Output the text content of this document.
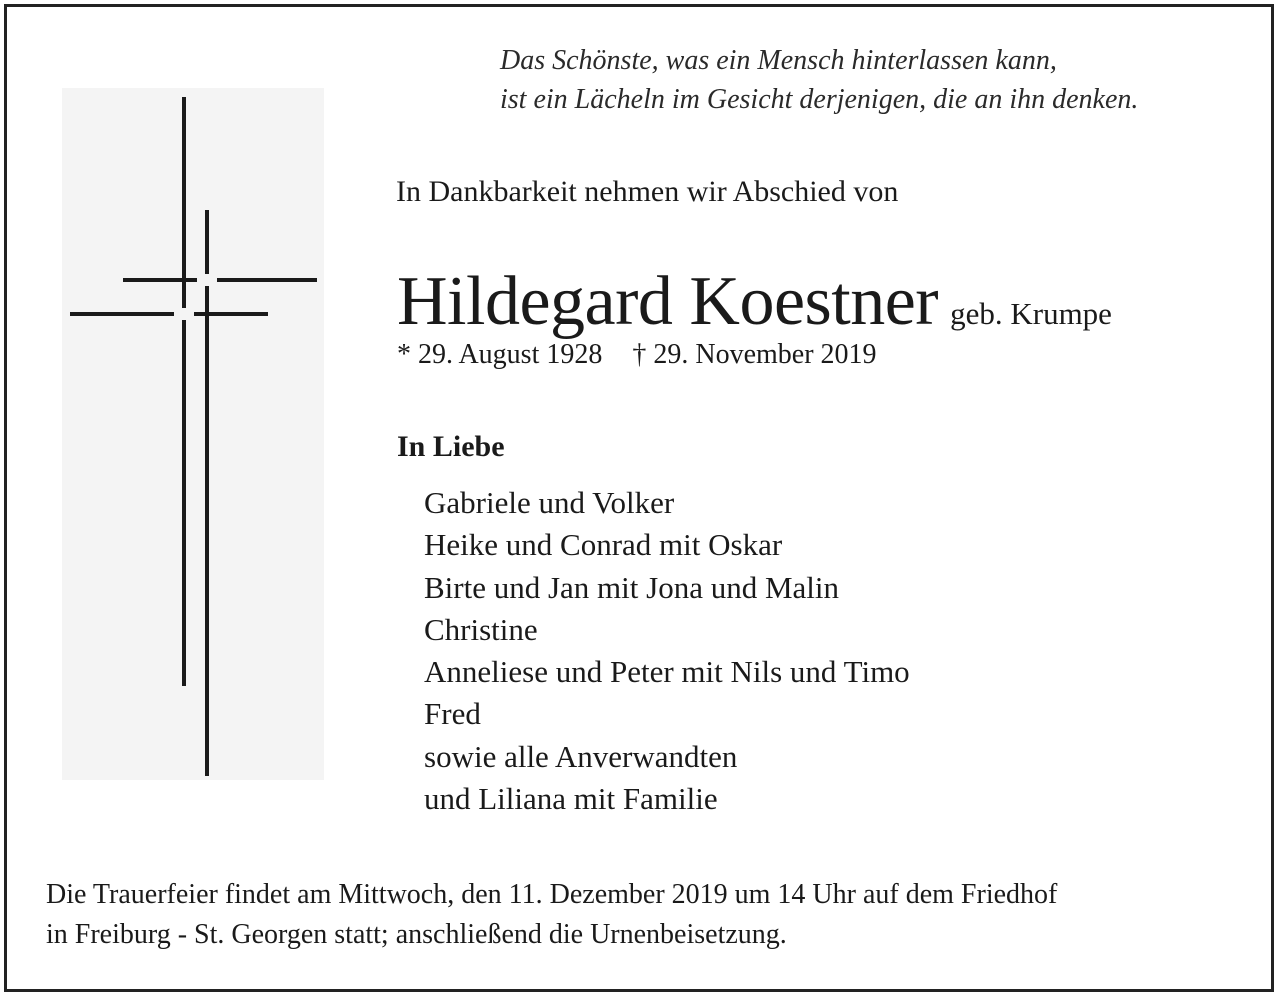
Das Schönste, was ein Mensch hinterlassen kann,
ist ein Lächeln im Gesicht derjenigen, die an ihn denken.
In Dankbarkeit nehmen wir Abschied von
Hildegard Koestner geb. Krumpe
* 29. August 1928 † 29. November 2019
In Liebe
Gabriele und Volker
Heike und Conrad mit Oskar
Birte und Jan mit Jona und Malin
Christine
Anneliese und Peter mit Nils und Timo
Fred
sowie alle Anverwandten
und Liliana mit Familie
Die Trauerfeier findet am Mittwoch, den 11. Dezember 2019 um 14 Uhr auf dem Friedhof
in Freiburg - St. Georgen statt; anschließend die Urnenbeisetzung.
